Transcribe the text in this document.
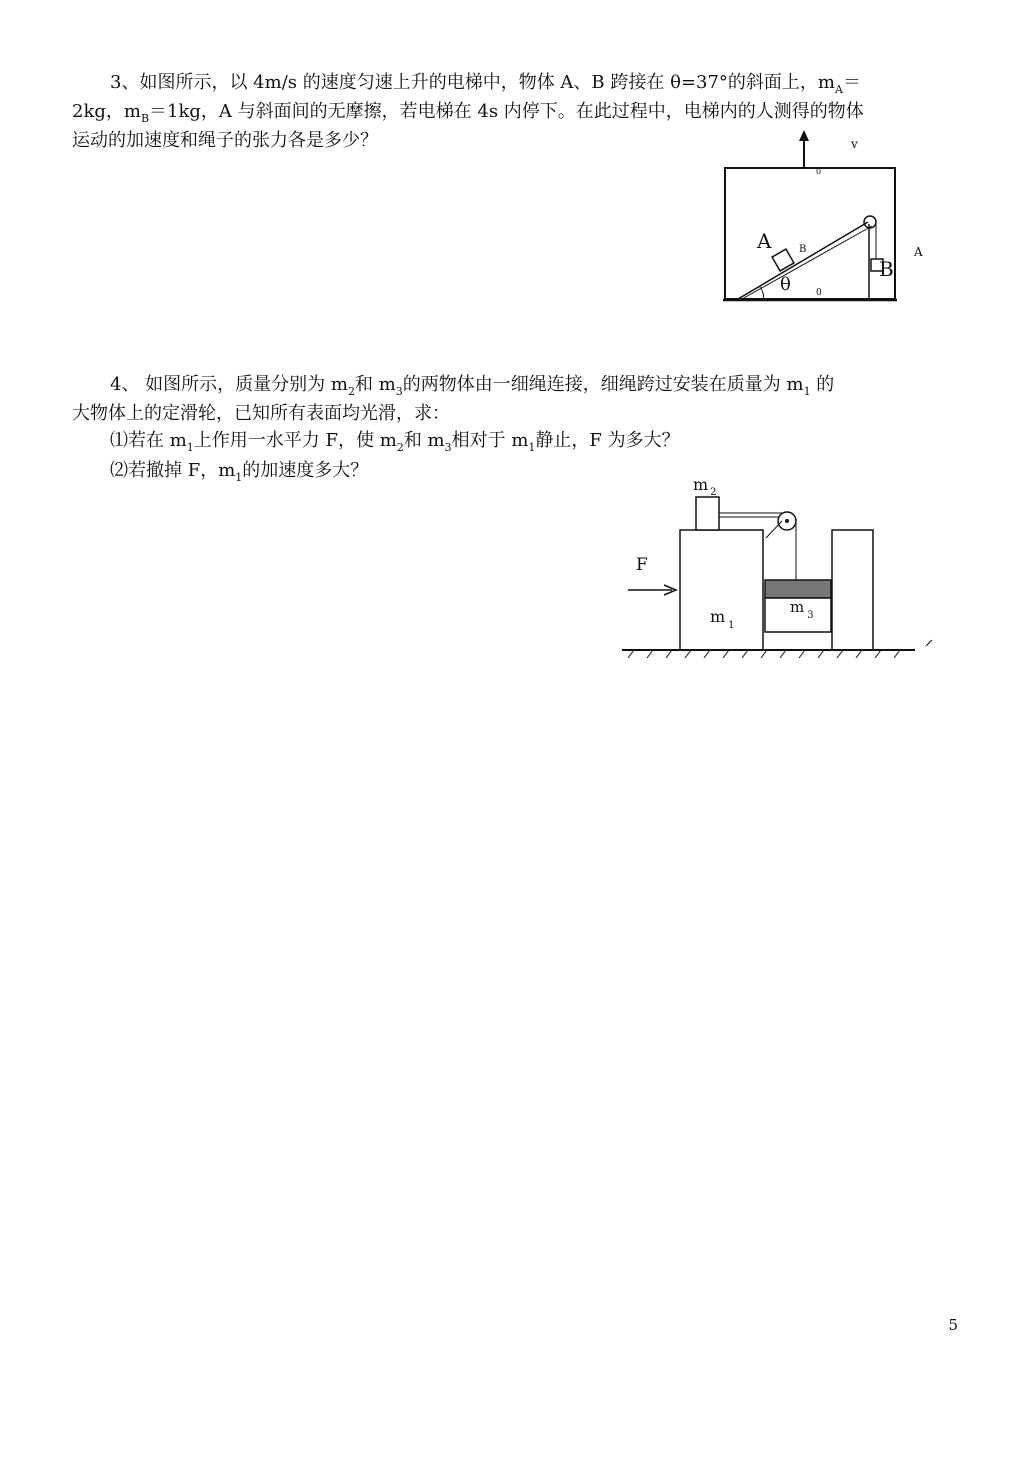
3、如图所示，以 4m/s 的速度匀速上升的电梯中，物体 A、B 跨接在 θ=37°的斜面上，$m_A=$
2kg，$m_B=1kg$，A 与斜面间的无摩擦，若电梯在 4s 内停下。在此过程中，电梯内的人测得的物体
运动的加速度和绳子的张力各是多少？	v
0
A	B
B
θ	0
A
4、 如图所示，质量分别为 $m_2$和 $m_3$的两物体由一细绳连接，细绳跨过安装在质量为 $m_1$ 的
大物体上的定滑轮，已知所有表面均光滑，求：
⑴若在 $m_1$上作用一水平力 F，使 $m_2$和 $m_3$相对于 $m_1$静止，F 为多大？
⑵若撤掉 F，$m_1$的加速度多大？
m $_2$
F
m $_1$
m $_3$
5
